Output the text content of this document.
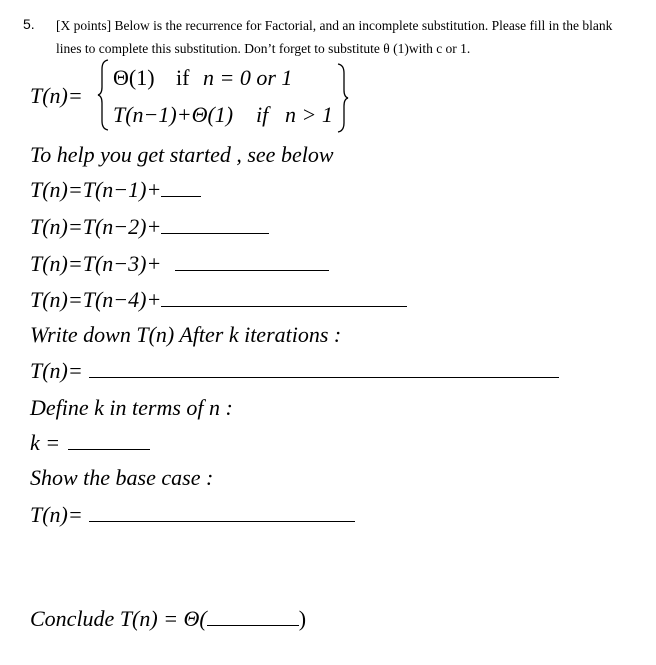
5. [X points] Below is the recurrence for Factorial, and an incomplete substitution. Please fill in the blank lines to complete this substitution. Don’t forget to substitute θ (1)with c or 1.
T(n)=
Θ(1) if n = 0 or 1
T(n−1)+Θ(1) if n > 1
To help you get started , see below
T(n)=T(n−1)+
T(n)=T(n−2)+
T(n)=T(n−3)+
T(n)=T(n−4)+
Write down T(n) After k iterations :
T(n)=
Define k in terms of n :
k =
Show the base case :
T(n)=
Conclude T(n) = Θ(	)
